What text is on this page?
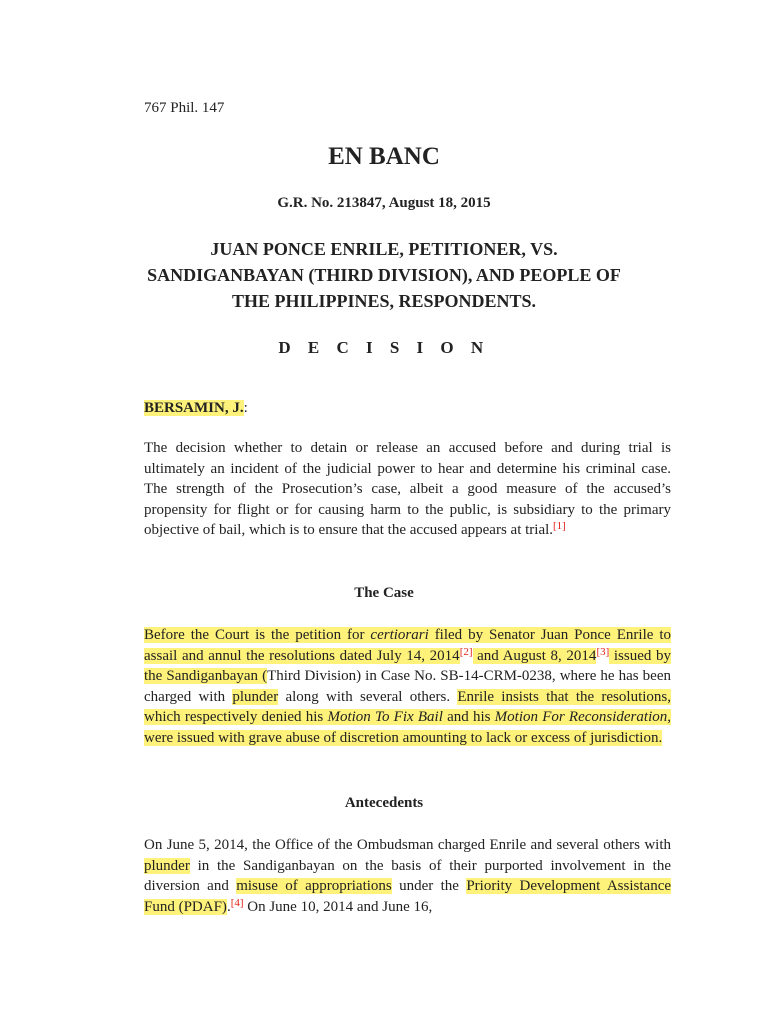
767 Phil. 147
EN BANC
G.R. No. 213847, August 18, 2015
JUAN PONCE ENRILE, PETITIONER, VS.
SANDIGANBAYAN (THIRD DIVISION), AND PEOPLE OF
THE PHILIPPINES, RESPONDENTS.
D E C I S I O N
BERSAMIN, J.:

The decision whether to detain or release an accused before and during trial is ultimately an incident of the judicial power to hear and determine his criminal case. The strength of the Prosecution’s case, albeit a good measure of the accused’s propensity for flight or for causing harm to the public, is subsidiary to the primary objective of bail, which is to ensure that the accused appears at trial.[1]

The Case

Before the Court is the petition for certiorari filed by Senator Juan Ponce Enrile to assail and annul the resolutions dated July 14, 2014[2] and August 8, 2014[3] issued by the Sandiganbayan (Third Division) in Case No. SB-14-CRM-0238, where he has been charged with plunder along with several others. Enrile insists that the resolutions, which respectively denied his Motion To Fix Bail and his Motion For Reconsideration, were issued with grave abuse of discretion amounting to lack or excess of jurisdiction.

Antecedents

On June 5, 2014, the Office of the Ombudsman charged Enrile and several others with plunder in the Sandiganbayan on the basis of their purported involvement in the diversion and misuse of appropriations under the Priority Development Assistance Fund (PDAF).[4] On June 10, 2014 and June 16,
